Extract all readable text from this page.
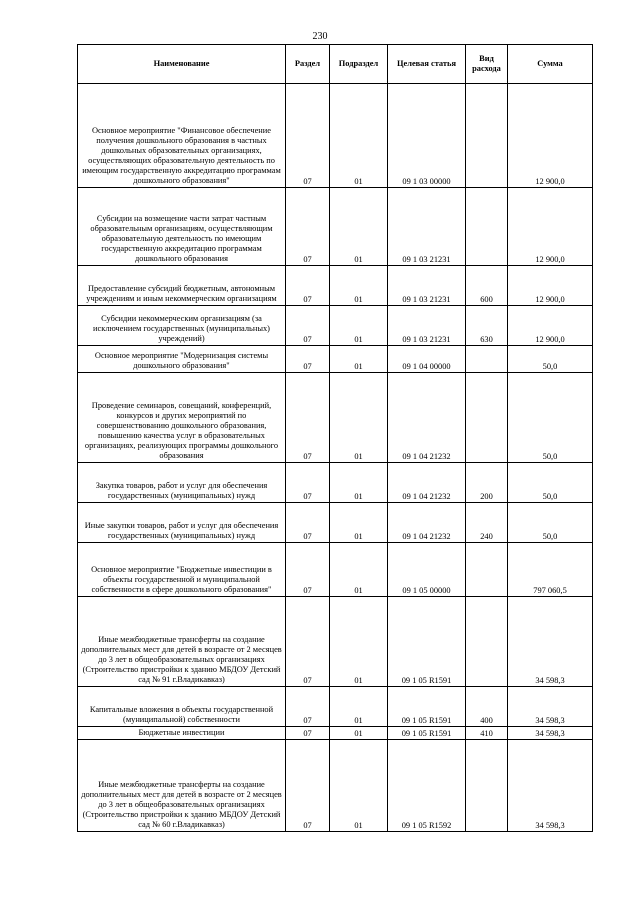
230
Наименование	Раздел	Подраздел	Целевая статья	Вид расхода	Сумма

Основное мероприятие "Финансовое обеспечение получения дошкольного образования в частных дошкольных образовательных организациях, осуществляющих образовательную деятельность по имеющим государственную аккредитацию программам дошкольного образования"	07	01	09 1 03 00000		12 900,0

Субсидии на возмещение части затрат частным образовательным организациям, осуществляющим образовательную деятельность по имеющим государственную аккредитацию программам дошкольного образования	07	01	09 1 03 21231		12 900,0

Предоставление субсидий бюджетным, автономным учреждениям и иным некоммерческим организациям	07	01	09 1 03 21231	600	12 900,0

Субсидии некоммерческим организациям (за исключением государственных (муниципальных) учреждений)	07	01	09 1 03 21231	630	12 900,0

Основное мероприятие "Модернизация системы дошкольного образования"	07	01	09 1 04 00000		50,0

Проведение семинаров, совещаний, конференций, конкурсов и других мероприятий по совершенствованию дошкольного образования, повышению качества услуг в образовательных организациях, реализующих программы дошкольного образования	07	01	09 1 04 21232		50,0

Закупка товаров, работ и услуг для обеспечения государственных (муниципальных) нужд	07	01	09 1 04 21232	200	50,0

Иные закупки товаров, работ и услуг для обеспечения государственных (муниципальных) нужд	07	01	09 1 04 21232	240	50,0

Основное мероприятие "Бюджетные инвестиции в объекты государственной и муниципальной собственности в сфере дошкольного образования"	07	01	09 1 05 00000		797 060,5

Иные межбюджетные трансферты на создание дополнительных мест для детей в возрасте от 2 месяцев до 3 лет в общеобразовательных организациях (Строительство пристройки к зданию МБДОУ Детский сад № 91 г.Владикавказ)	07	01	09 1 05 R1591		34 598,3

Капитальные вложения в объекты государственной (муниципальной) собственности	07	01	09 1 05 R1591	400	34 598,3

Бюджетные инвестиции	07	01	09 1 05 R1591	410	34 598,3

Иные межбюджетные трансферты на создание дополнительных мест для детей в возрасте от 2 месяцев до 3 лет в общеобразовательных организациях (Строительство пристройки к зданию МБДОУ Детский сад № 60 г.Владикавказ)	07	01	09 1 05 R1592		34 598,3
